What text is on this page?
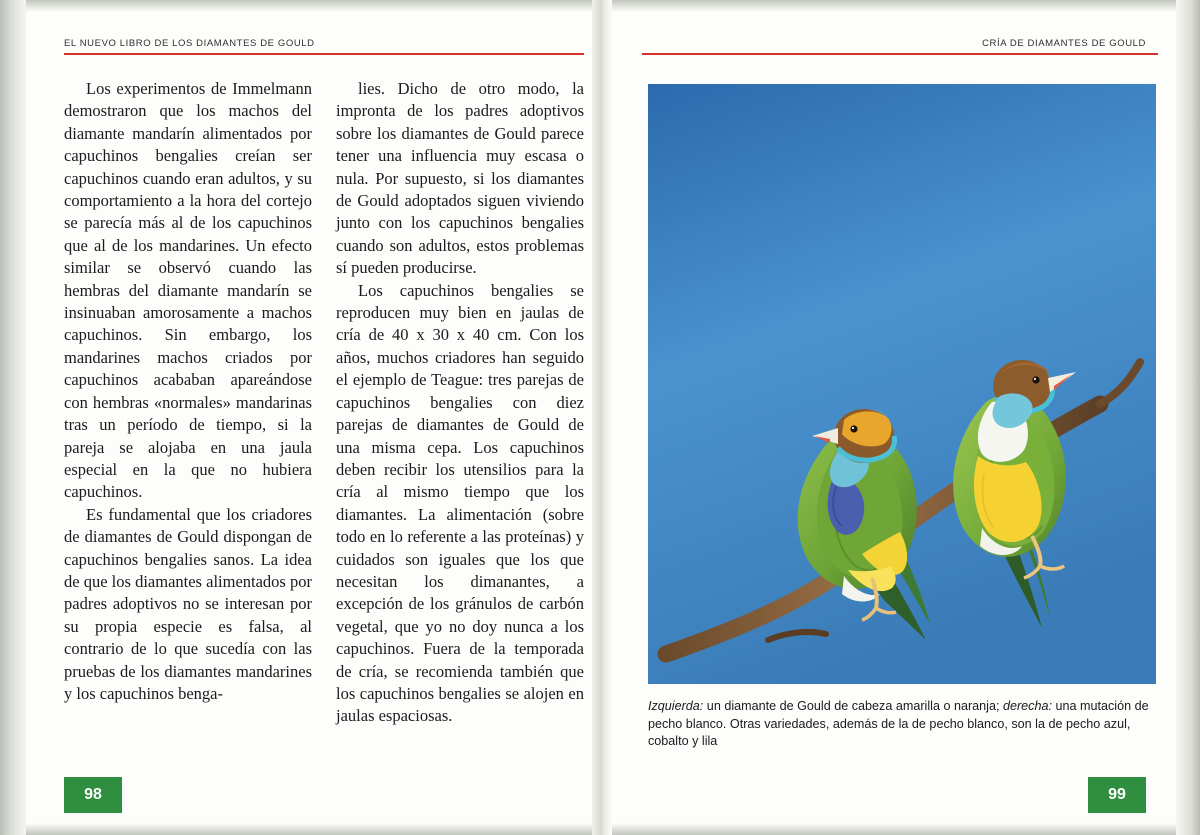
EL NUEVO LIBRO DE LOS DIAMANTES DE GOULD

Los experimentos de Immelmann demostraron que los machos del diamante mandarín alimentados por capuchinos bengalies creían ser capuchinos cuando eran adultos, y su comportamiento a la hora del cortejo se parecía más al de los capuchinos que al de los mandarines. Un efecto similar se observó cuando las hembras del diamante mandarín se insinuaban amorosamente a machos capuchinos. Sin embargo, los mandarines machos criados por capuchinos acababan apareándose con hembras «normales» mandarinas tras un período de tiempo, si la pareja se alojaba en una jaula especial en la que no hubiera capuchinos.

Es fundamental que los criadores de diamantes de Gould dispongan de capuchinos bengalies sanos. La idea de que los diamantes alimentados por padres adoptivos no se interesan por su propia especie es falsa, al contrario de lo que sucedía con las pruebas de los diamantes mandarines y los capuchinos benga-

lies. Dicho de otro modo, la impronta de los padres adoptivos sobre los diamantes de Gould parece tener una influencia muy escasa o nula. Por supuesto, si los diamantes de Gould adoptados siguen viviendo junto con los capuchinos bengalies cuando son adultos, estos problemas sí pueden producirse.

Los capuchinos bengalies se reproducen muy bien en jaulas de cría de 40 x 30 x 40 cm. Con los años, muchos criadores han seguido el ejemplo de Teague: tres parejas de capuchinos bengalies con diez parejas de diamantes de Gould de una misma cepa. Los capuchinos deben recibir los utensilios para la cría al mismo tiempo que los diamantes. La alimentación (sobre todo en lo referente a las proteínas) y cuidados son iguales que los que necesitan los dimanantes, a excepción de los gránulos de carbón vegetal, que yo no doy nunca a los capuchinos. Fuera de la temporada de cría, se recomienda también que los capuchinos bengalies se alojen en jaulas espaciosas.

98
CRÍA DE DIAMANTES DE GOULD
Izquierda: un diamante de Gould de cabeza amarilla o naranja; derecha: una mutación de pecho blanco. Otras variedades, además de la de pecho blanco, son la de pecho azul, cobalto y lila
99
